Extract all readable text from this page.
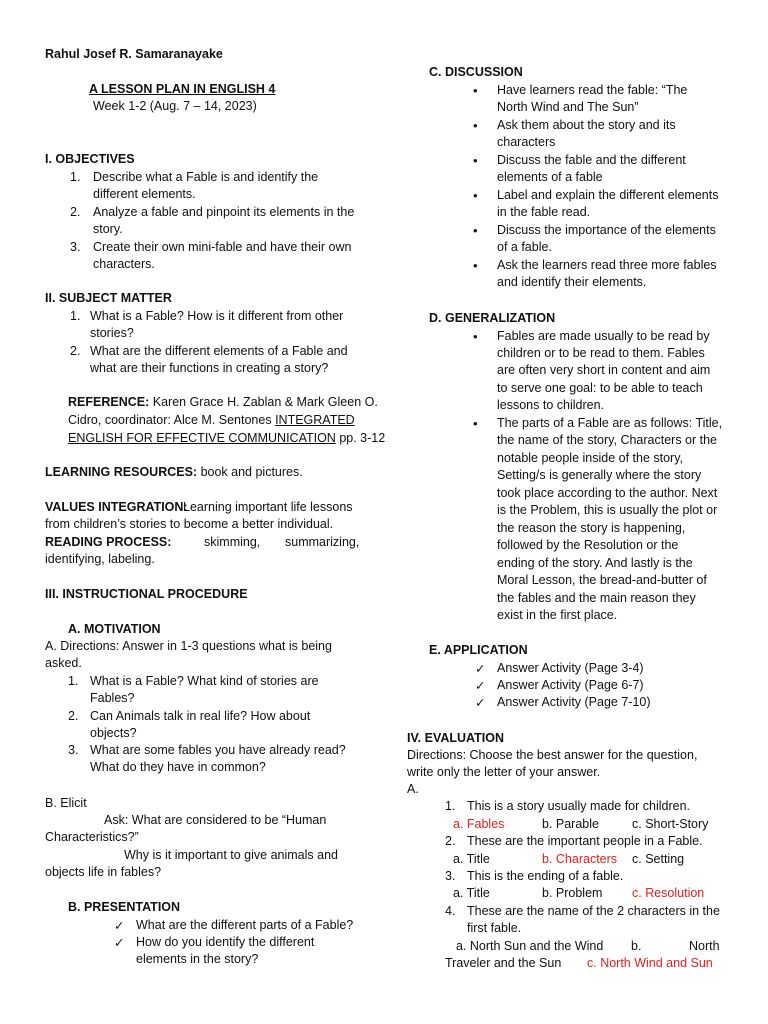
Rahul Josef R. Samaranayake
A LESSON PLAN IN ENGLISH 4
Week 1-2 (Aug. 7 – 14, 2023)
I. OBJECTIVES
1. Describe what a Fable is and identify the
different elements.
2. Analyze a fable and pinpoint its elements in the
story.
3. Create their own mini-fable and have their own
characters.
II. SUBJECT MATTER
1. What is a Fable? How is it different from other
stories?
2. What are the different elements of a Fable and
what are their functions in creating a story?
REFERENCE: Karen Grace H. Zablan & Mark Gleen O.
Cidro, coordinator: Alce M. Sentones INTEGRATED
ENGLISH FOR EFFECTIVE COMMUNICATION pp. 3-12
LEARNING RESOURCES: book and pictures.
VALUES INTEGRATION:
Learning important life lessons
from children’s stories to become a better individual.
READING PROCESS:	skimming, summarizing,
identifying, labeling.
III. INSTRUCTIONAL PROCEDURE
A. MOTIVATION
A. Directions: Answer in 1-3 questions what is being
asked.
1. What is a Fable? What kind of stories are
Fables?
2. Can Animals talk in real life? How about
objects?
3. What are some fables you have already read?
What do they have in common?
B. Elicit
Ask: What are considered to be “Human
Characteristics?”
Why is it important to give animals and
objects life in fables?
B. PRESENTATION
✓ What are the different parts of a Fable?
✓ How do you identify the different
elements in the story?
C. DISCUSSION
• Have learners read the fable: “The
North Wind and The Sun”
• Ask them about the story and its
characters
• Discuss the fable and the different
elements of a fable
• Label and explain the different elements
in the fable read.
• Discuss the importance of the elements
of a fable.
• Ask the learners read three more fables
and identify their elements.
D. GENERALIZATION
• Fables are made usually to be read by
children or to be read to them. Fables
are often very short in content and aim
to serve one goal: to be able to teach
lessons to children.
• The parts of a Fable are as follows: Title,
the name of the story, Characters or the
notable people inside of the story,
Setting/s is generally where the story
took place according to the author. Next
is the Problem, this is usually the plot or
the reason the story is happening,
followed by the Resolution or the
ending of the story. And lastly is the
Moral Lesson, the bread-and-butter of
the fables and the main reason they
exist in the first place.
E. APPLICATION
✓ Answer Activity (Page 3-4)
✓ Answer Activity (Page 6-7)
✓ Answer Activity (Page 7-10)
IV. EVALUATION
Directions: Choose the best answer for the question,
write only the letter of your answer.
A.
1. This is a story usually made for children.
a. Fables	b. Parable	c. Short-Story
2. These are the important people in a Fable.
a. Title	b. Characters c. Setting
3. This is the ending of a fable.
a. Title	b. Problem c. Resolution
4. These are the name of the 2 characters in the
first fable.
a. North Sun and the Wind b.	North
Traveler and the Sun c. North Wind and Sun
